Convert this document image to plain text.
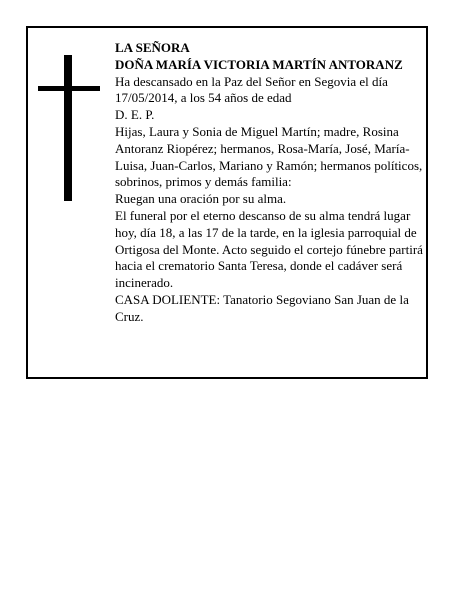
LA SEÑORA

DOÑA MARÍA VICTORIA MARTÍN ANTORANZ

Ha descansado en la Paz del Señor en Segovia el día 17/05/2014, a los 54 años de edad

D. E. P.

Hijas, Laura y Sonia de Miguel Martín; madre, Rosina Antoranz Riopérez; hermanos, Rosa-María, José, María-Luisa, Juan-Carlos, Mariano y Ramón; hermanos políticos, sobrinos, primos y demás familia:

Ruegan una oración por su alma.

El funeral por el eterno descanso de su alma tendrá lugar hoy, día 18, a las 17 de la tarde, en la iglesia parroquial de Ortigosa del Monte. Acto seguido el cortejo fúnebre partirá hacia el crematorio Santa Teresa, donde el cadáver será incinerado.

CASA DOLIENTE: Tanatorio Segoviano San Juan de la Cruz.
